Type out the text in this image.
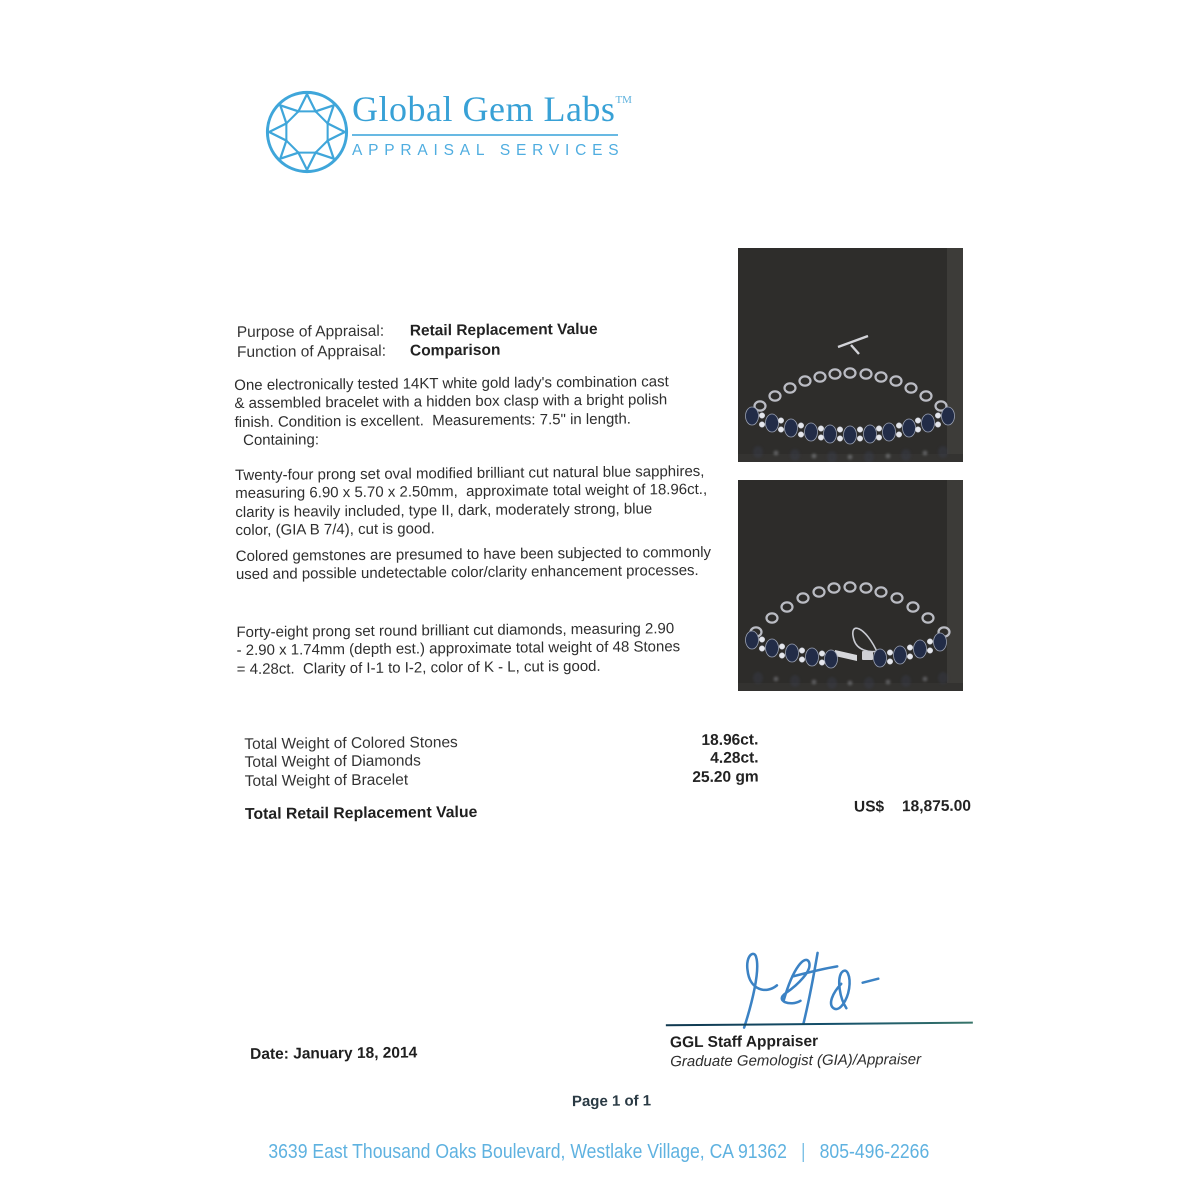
Global Gem Labs™
APPRAISAL SERVICES
Purpose of Appraisal:	Retail Replacement Value
Function of Appraisal:	Comparison
One electronically tested 14KT white gold lady's combination cast
& assembled bracelet with a hidden box clasp with a bright polish
finish. Condition is excellent.  Measurements: 7.5" in length.
Containing:
Twenty-four prong set oval modified brilliant cut natural blue sapphires,
measuring 6.90 x 5.70 x 2.50mm,  approximate total weight of 18.96ct.,
clarity is heavily included, type II, dark, moderately strong, blue
color, (GIA B 7/4), cut is good.
Colored gemstones are presumed to have been subjected to commonly
used and possible undetectable color/clarity enhancement processes.
Forty-eight prong set round brilliant cut diamonds, measuring 2.90
- 2.90 x 1.74mm (depth est.) approximate total weight of 48 Stones
= 4.28ct.  Clarity of I-1 to I-2, color of K - L, cut is good.
Total Weight of Colored Stones	18.96ct.
Total Weight of Diamonds	4.28ct.
Total Weight of Bracelet	25.20 gm
Total Retail Replacement Value	US$	18,875.00
GGL Staff Appraiser
Graduate Gemologist (GIA)/Appraiser
Date: January 18, 2014
Page 1 of 1
3639 East Thousand Oaks Boulevard, Westlake Village, CA 91362 | 805-496-2266
